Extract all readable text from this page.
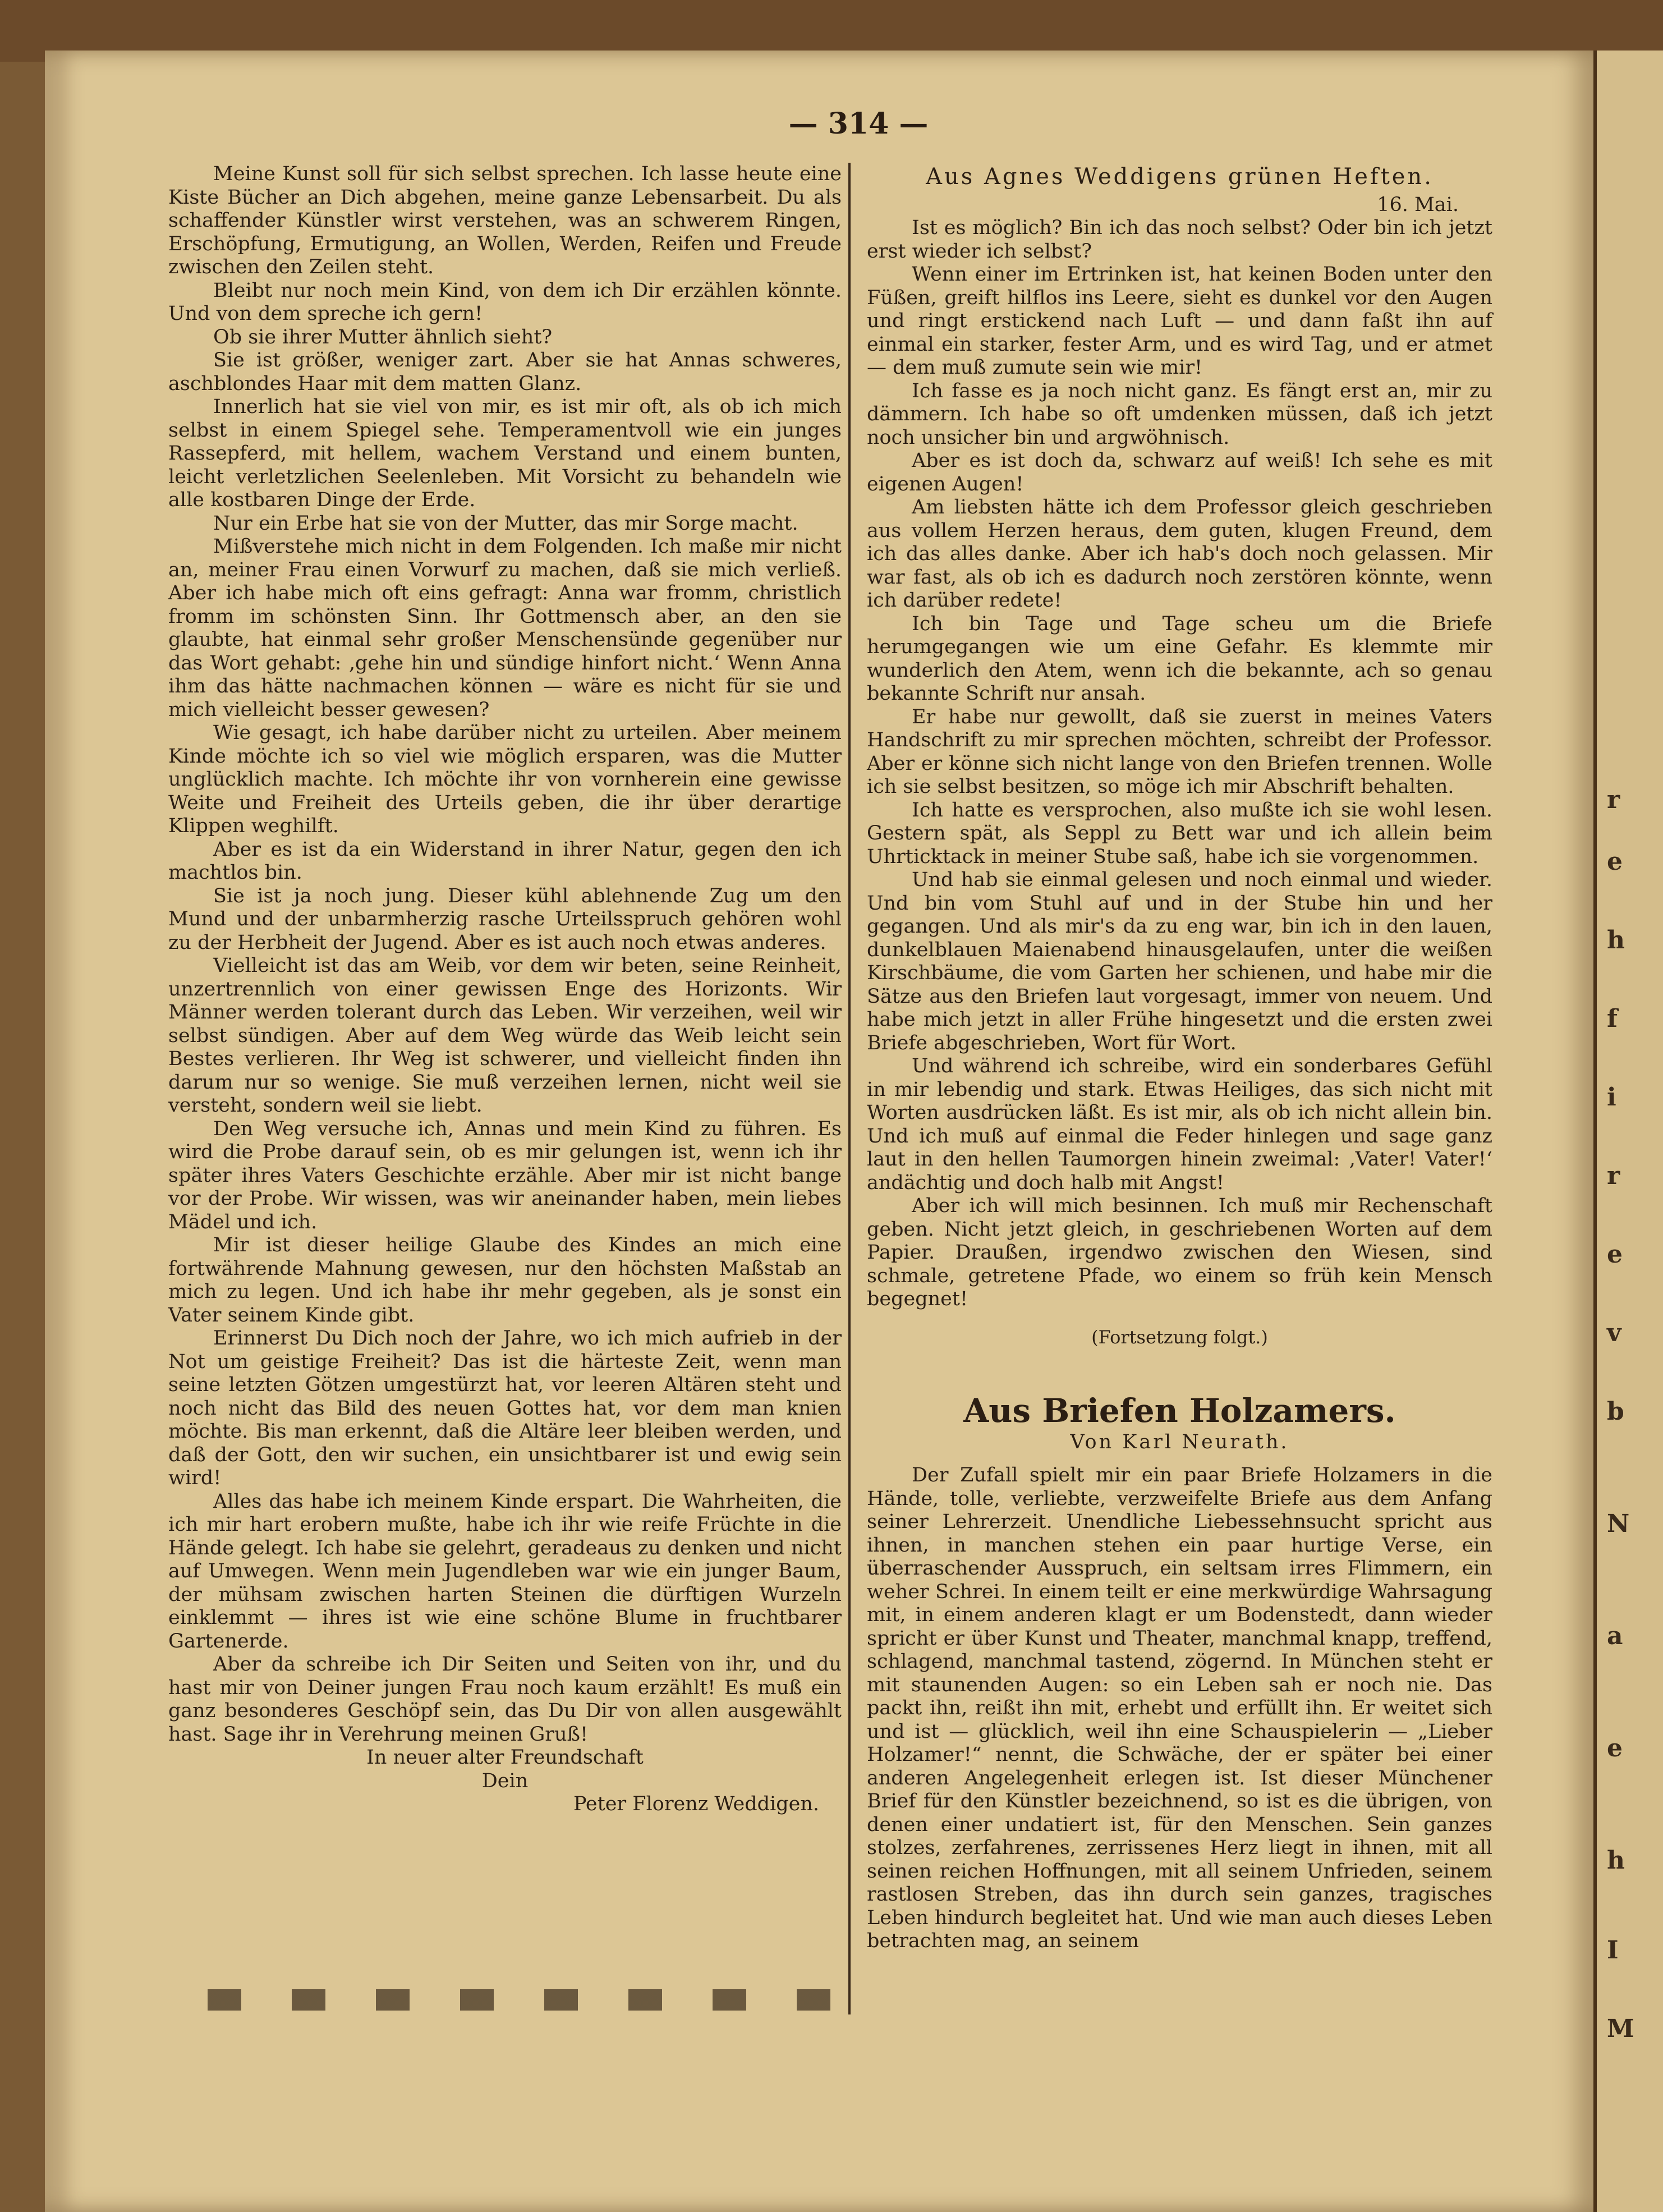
r
e
h
f
i
r
e
v
b
N
a
e
h
I
M
— 314 —

Meine Kunst soll für sich selbst sprechen. Ich lasse heute eine Kiste Bücher an Dich abgehen, meine ganze Lebensarbeit. Du als schaffender Künstler wirst verstehen, was an schwerem Ringen, Erschöpfung, Ermutigung, an Wollen, Werden, Reifen und Freude zwischen den Zeilen steht.

Bleibt nur noch mein Kind, von dem ich Dir erzählen könnte. Und von dem spreche ich gern!

Ob sie ihrer Mutter ähnlich sieht?

Sie ist größer, weniger zart. Aber sie hat Annas schweres, aschblondes Haar mit dem matten Glanz.

Innerlich hat sie viel von mir, es ist mir oft, als ob ich mich selbst in einem Spiegel sehe. Temperamentvoll wie ein junges Rassepferd, mit hellem, wachem Verstand und einem bunten, leicht verletzlichen Seelenleben. Mit Vorsicht zu behandeln wie alle kostbaren Dinge der Erde.

Nur ein Erbe hat sie von der Mutter, das mir Sorge macht.

Mißverstehe mich nicht in dem Folgenden. Ich maße mir nicht an, meiner Frau einen Vorwurf zu machen, daß sie mich verließ. Aber ich habe mich oft eins gefragt: Anna war fromm, christlich fromm im schönsten Sinn. Ihr Gottmensch aber, an den sie glaubte, hat einmal sehr großer Menschensünde gegenüber nur das Wort gehabt: ‚gehe hin und sündige hinfort nicht.‘ Wenn Anna ihm das hätte nachmachen können — wäre es nicht für sie und mich vielleicht besser gewesen?

Wie gesagt, ich habe darüber nicht zu urteilen. Aber meinem Kinde möchte ich so viel wie möglich ersparen, was die Mutter unglücklich machte. Ich möchte ihr von vornherein eine gewisse Weite und Freiheit des Urteils geben, die ihr über derartige Klippen weghilft.

Aber es ist da ein Widerstand in ihrer Natur, gegen den ich machtlos bin.

Sie ist ja noch jung. Dieser kühl ablehnende Zug um den Mund und der unbarmherzig rasche Urteilsspruch gehören wohl zu der Herbheit der Jugend. Aber es ist auch noch etwas anderes.

Vielleicht ist das am Weib, vor dem wir beten, seine Reinheit, unzertrennlich von einer gewissen Enge des Horizonts. Wir Männer werden tolerant durch das Leben. Wir verzeihen, weil wir selbst sündigen. Aber auf dem Weg würde das Weib leicht sein Bestes verlieren. Ihr Weg ist schwerer, und vielleicht finden ihn darum nur so wenige. Sie muß verzeihen lernen, nicht weil sie versteht, sondern weil sie liebt.

Den Weg versuche ich, Annas und mein Kind zu führen. Es wird die Probe darauf sein, ob es mir gelungen ist, wenn ich ihr später ihres Vaters Geschichte erzähle. Aber mir ist nicht bange vor der Probe. Wir wissen, was wir aneinander haben, mein liebes Mädel und ich.

Mir ist dieser heilige Glaube des Kindes an mich eine fortwährende Mahnung gewesen, nur den höchsten Maßstab an mich zu legen. Und ich habe ihr mehr gegeben, als je sonst ein Vater seinem Kinde gibt.

Erinnerst Du Dich noch der Jahre, wo ich mich aufrieb in der Not um geistige Freiheit? Das ist die härteste Zeit, wenn man seine letzten Götzen umgestürzt hat, vor leeren Altären steht und noch nicht das Bild des neuen Gottes hat, vor dem man knien möchte. Bis man erkennt, daß die Altäre leer bleiben werden, und daß der Gott, den wir suchen, ein unsichtbarer ist und ewig sein wird!

Alles das habe ich meinem Kinde erspart. Die Wahrheiten, die ich mir hart erobern mußte, habe ich ihr wie reife Früchte in die Hände gelegt. Ich habe sie gelehrt, geradeaus zu denken und nicht auf Umwegen. Wenn mein Jugendleben war wie ein junger Baum, der mühsam zwischen harten Steinen die dürftigen Wurzeln einklemmt — ihres ist wie eine schöne Blume in fruchtbarer Gartenerde.

Aber da schreibe ich Dir Seiten und Seiten von ihr, und du hast mir von Deiner jungen Frau noch kaum erzählt! Es muß ein ganz besonderes Geschöpf sein, das Du Dir von allen ausgewählt hast. Sage ihr in Verehrung meinen Gruß!

In neuer alter Freundschaft

Dein

Peter Florenz Weddigen.

Aus Agnes Weddigens grünen Heften.

16. Mai.

Ist es möglich? Bin ich das noch selbst? Oder bin ich jetzt erst wieder ich selbst?

Wenn einer im Ertrinken ist, hat keinen Boden unter den Füßen, greift hilflos ins Leere, sieht es dunkel vor den Augen und ringt erstickend nach Luft — und dann faßt ihn auf einmal ein starker, fester Arm, und es wird Tag, und er atmet — dem muß zumute sein wie mir!

Ich fasse es ja noch nicht ganz. Es fängt erst an, mir zu dämmern. Ich habe so oft umdenken müssen, daß ich jetzt noch unsicher bin und argwöhnisch.

Aber es ist doch da, schwarz auf weiß! Ich sehe es mit eigenen Augen!

Am liebsten hätte ich dem Professor gleich geschrieben aus vollem Herzen heraus, dem guten, klugen Freund, dem ich das alles danke. Aber ich hab's doch noch gelassen. Mir war fast, als ob ich es dadurch noch zerstören könnte, wenn ich darüber redete!

Ich bin Tage und Tage scheu um die Briefe herumgegangen wie um eine Gefahr. Es klemmte mir wunderlich den Atem, wenn ich die bekannte, ach so genau bekannte Schrift nur ansah.

Er habe nur gewollt, daß sie zuerst in meines Vaters Handschrift zu mir sprechen möchten, schreibt der Professor. Aber er könne sich nicht lange von den Briefen trennen. Wolle ich sie selbst besitzen, so möge ich mir Abschrift behalten.

Ich hatte es versprochen, also mußte ich sie wohl lesen. Gestern spät, als Seppl zu Bett war und ich allein beim Uhrticktack in meiner Stube saß, habe ich sie vorgenommen.

Und hab sie einmal gelesen und noch einmal und wieder. Und bin vom Stuhl auf und in der Stube hin und her gegangen. Und als mir's da zu eng war, bin ich in den lauen, dunkelblauen Maienabend hinausgelaufen, unter die weißen Kirschbäume, die vom Garten her schienen, und habe mir die Sätze aus den Briefen laut vorgesagt, immer von neuem. Und habe mich jetzt in aller Frühe hingesetzt und die ersten zwei Briefe abgeschrieben, Wort für Wort.

Und während ich schreibe, wird ein sonderbares Gefühl in mir lebendig und stark. Etwas Heiliges, das sich nicht mit Worten ausdrücken läßt. Es ist mir, als ob ich nicht allein bin. Und ich muß auf einmal die Feder hinlegen und sage ganz laut in den hellen Taumorgen hinein zweimal: ‚Vater! Vater!‘ andächtig und doch halb mit Angst!

Aber ich will mich besinnen. Ich muß mir Rechenschaft geben. Nicht jetzt gleich, in geschriebenen Worten auf dem Papier. Draußen, irgendwo zwischen den Wiesen, sind schmale, getretene Pfade, wo einem so früh kein Mensch begegnet!

(Fortsetzung folgt.)

Aus Briefen Holzamers.

Von Karl Neurath.

Der Zufall spielt mir ein paar Briefe Holzamers in die Hände, tolle, verliebte, verzweifelte Briefe aus dem Anfang seiner Lehrerzeit. Unendliche Liebessehnsucht spricht aus ihnen, in manchen stehen ein paar hurtige Verse, ein überraschender Ausspruch, ein seltsam irres Flimmern, ein weher Schrei. In einem teilt er eine merkwürdige Wahrsagung mit, in einem anderen klagt er um Bodenstedt, dann wieder spricht er über Kunst und Theater, manchmal knapp, treffend, schlagend, manchmal tastend, zögernd. In München steht er mit staunenden Augen: so ein Leben sah er noch nie. Das packt ihn, reißt ihn mit, erhebt und erfüllt ihn. Er weitet sich und ist — glücklich, weil ihn eine Schauspielerin — „Lieber Holzamer!“ nennt, die Schwäche, der er später bei einer anderen Angelegenheit erlegen ist. Ist dieser Münchener Brief für den Künstler bezeichnend, so ist es die übrigen, von denen einer undatiert ist, für den Menschen. Sein ganzes stolzes, zerfahrenes, zerrissenes Herz liegt in ihnen, mit all seinen reichen Hoffnungen, mit all seinem Unfrieden, seinem rastlosen Streben, das ihn durch sein ganzes, tragisches Leben hindurch begleitet hat. Und wie man auch dieses Leben betrachten mag, an seinem
